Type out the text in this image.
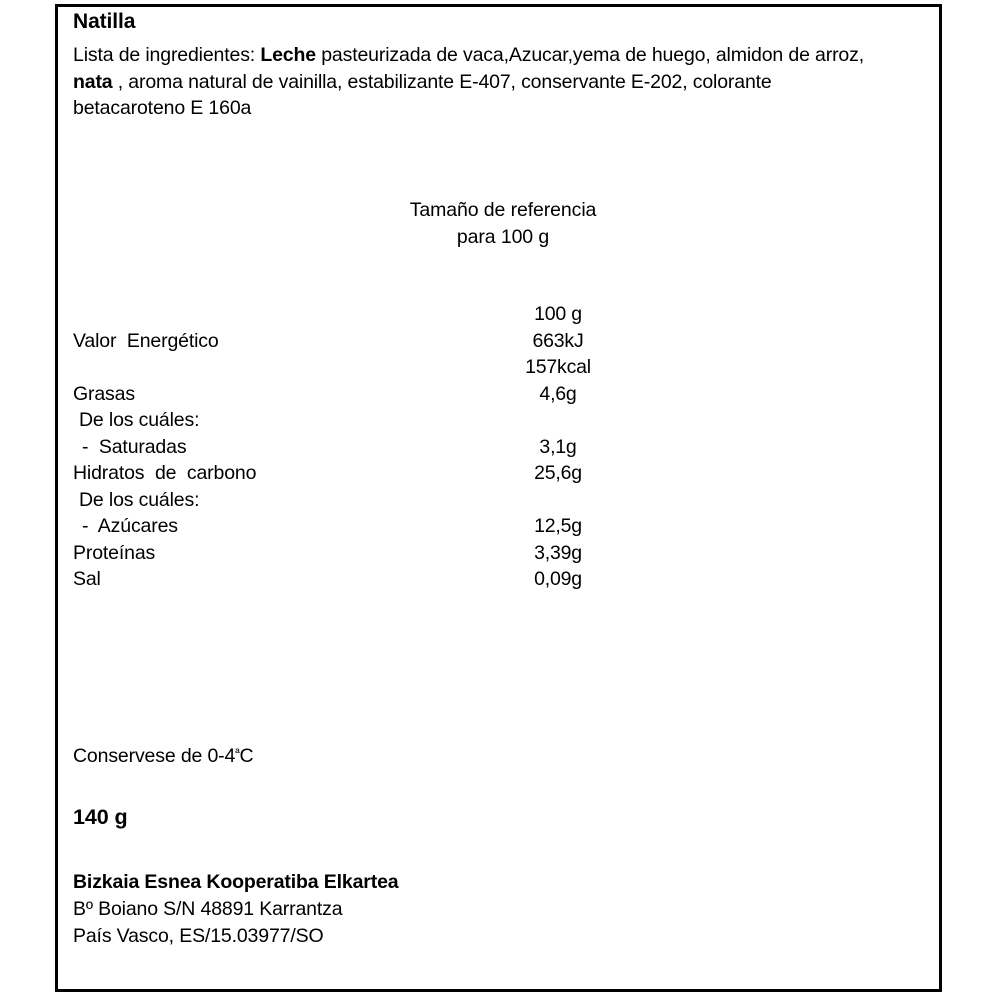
Natilla
Lista de ingredientes: Leche pasteurizada de vaca,Azucar,yema de huego, almidon de arroz, nata , aroma natural de vainilla, estabilizante E-407, conservante E-202, colorante betacaroteno E 160a
Tamaño de referencia
para 100 g
100 g
Valor  Energético	663kJ
157kcal
Grasas	4,6g
De los cuáles:
-  Saturadas	3,1g
Hidratos  de  carbono	25,6g
De los cuáles:
-  Azúcares	12,5g
Proteínas	3,39g
Sal	0,09g
Conservese de $0-4^ªC$
140 g
Bizkaia Esnea Kooperatiba Elkartea
Bº Boiano S/N 48891 Karrantza
País Vasco, ES/15.03977/SO
